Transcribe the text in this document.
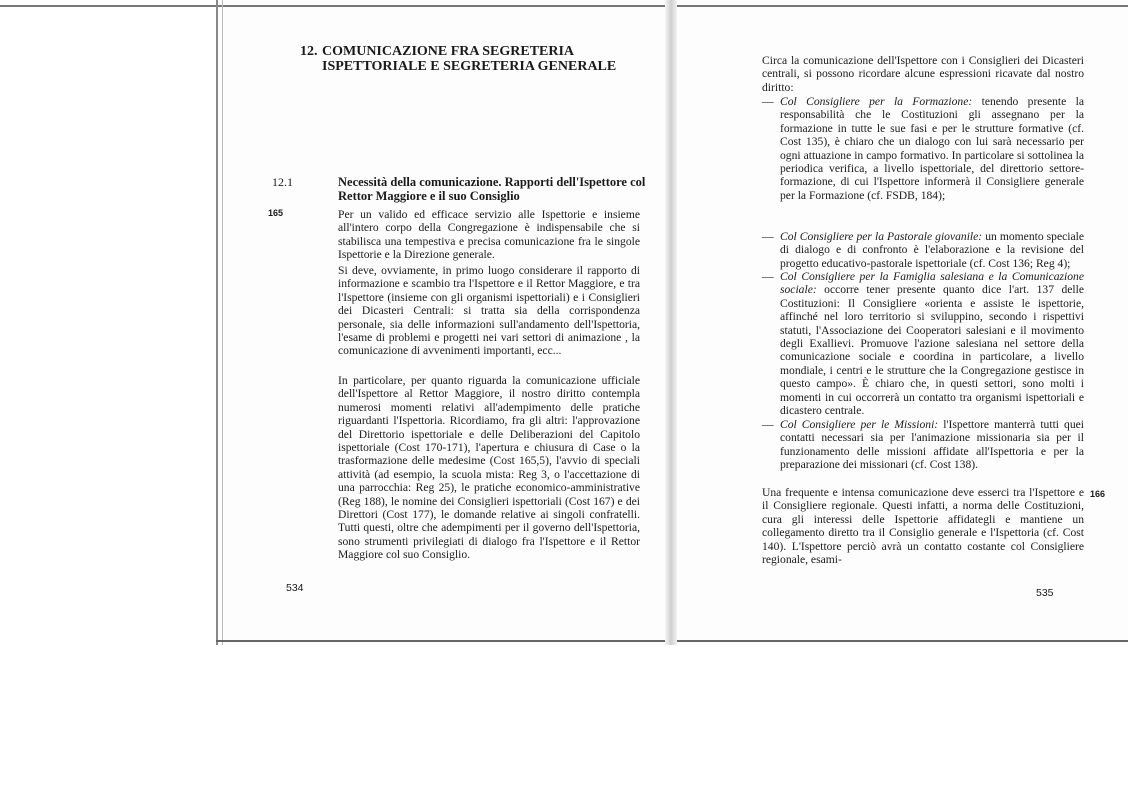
12. COMUNICAZIONE FRA SEGRETERIA ISPETTORIALE E SEGRETERIA GENERALE
12.1	Necessità della comunicazione. Rapporti dell'Ispettore col Rettor Maggiore e il suo Consiglio
165	Per un valido ed efficace servizio alle Ispettorie e insieme all'intero corpo della Congregazione è indispensabile che si stabilisca una tempestiva e precisa comunicazione fra le singole Ispettorie e la Direzione generale.
Si deve, ovviamente, in primo luogo considerare il rapporto di informazione e scambio tra l'Ispettore e il Rettor Maggiore, e tra l'Ispettore (insieme con gli organismi ispettoriali) e i Consiglieri dei Dicasteri Centrali: si tratta sia della corrispondenza personale, sia delle informazioni sull'andamento dell'Ispettoria, l'esame di problemi e progetti nei vari settori di animazione , la comunicazione di avvenimenti importanti, ecc...
In particolare, per quanto riguarda la comunicazione ufficiale dell'Ispettore al Rettor Maggiore, il nostro diritto contempla numerosi momenti relativi all'adempimento delle pratiche riguardanti l'Ispettoria. Ricordiamo, fra gli altri: l'approvazione del Direttorio ispettoriale e delle Deliberazioni del Capitolo ispettoriale (Cost 170-171), l'apertura e chiusura di Case o la trasformazione delle medesime (Cost 165,5), l'avvio di speciali attività (ad esempio, la scuola mista: Reg 3, o l'accettazione di una parrocchia: Reg 25), le pratiche economico-amministrative (Reg 188), le nomine dei Consiglieri ispettoriali (Cost 167) e dei Direttori (Cost 177), le domande relative ai singoli confratelli. Tutti questi, oltre che adempimenti per il governo dell'Ispettoria, sono strumenti privilegiati di dialogo fra l'Ispettore e il Rettor Maggiore col suo Consiglio.
534
Circa la comunicazione dell'Ispettore con i Consiglieri dei Dicasteri centrali, si possono ricordare alcune espressioni ricavate dal nostro diritto:
— Col Consigliere per la Formazione: tenendo presente la responsabilità che le Costituzioni gli assegnano per la formazione in tutte le sue fasi e per le strutture formative (cf. Cost 135), è chiaro che un dialogo con lui sarà necessario per ogni attuazione in campo formativo. In particolare si sottolinea la periodica verifica, a livello ispettoriale, del direttorio settore-formazione, di cui l'Ispettore informerà il Consigliere generale per la Formazione (cf. FSDB, 184);
— Col Consigliere per la Pastorale giovanile: un momento speciale di dialogo e di confronto è l'elaborazione e la revisione del progetto educativo-pastorale ispettoriale (cf. Cost 136; Reg 4);
— Col Consigliere per la Famiglia salesiana e la Comunicazione sociale: occorre tener presente quanto dice l'art. 137 delle Costituzioni: Il Consigliere «orienta e assiste le ispettorie, affinché nel loro territorio si sviluppino, secondo i rispettivi statuti, l'Associazione dei Cooperatori salesiani e il movimento degli Exallievi. Promuove l'azione salesiana nel settore della comunicazione sociale e coordina in particolare, a livello mondiale, i centri e le strutture che la Congregazione gestisce in questo campo». È chiaro che, in questi settori, sono molti i momenti in cui occorrerà un contatto tra organismi ispettoriali e dicastero centrale.
— Col Consigliere per le Missioni: l'Ispettore manterrà tutti quei contatti necessari sia per l'animazione missionaria sia per il funzionamento delle missioni affidate all'Ispettoria e per la preparazione dei missionari (cf. Cost 138).
Una frequente e intensa comunicazione deve esserci tra l'Ispettore e il Consigliere regionale. Questi infatti, a norma delle Costituzioni, cura gli interessi delle Ispettorie affidategli e mantiene un collegamento diretto tra il Consiglio generale e l'Ispettoria (cf. Cost 140). L'Ispettore perciò avrà un contatto costante col Consigliere regionale, esami-
166
535
